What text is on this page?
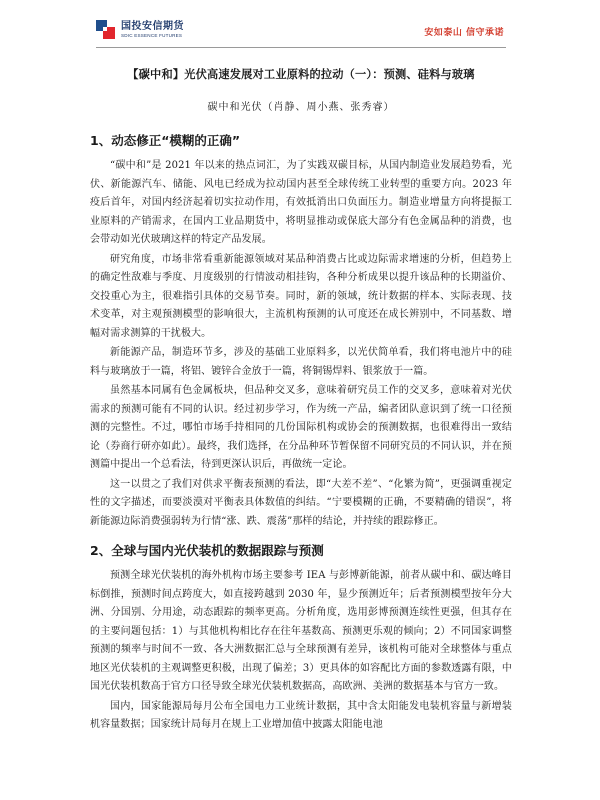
国投安信期货
SDIC ESSENCE FUTURES	安如泰山 信守承诺
【碳中和】光伏高速发展对工业原料的拉动（一）：预测、硅料与玻璃
碳中和光伏（肖静、周小燕、张秀睿）
1、动态修正“模糊的正确”

“碳中和”是 2021 年以来的热点词汇，为了实践双碳目标，从国内制造业发展趋势看，光伏、新能源汽车、储能、风电已经成为拉动国内甚至全球传统工业转型的重要方向。2023 年疫后首年，对国内经济起着切实拉动作用，有效抵消出口负面压力。制造业增量方向将提振工业原料的产销需求，在国内工业品期货中，将明显推动或保底大部分有色金属品种的消费，也会带动如光伏玻璃这样的特定产品发展。

研究角度，市场非常看重新能源领域对某品种消费占比或边际需求增速的分析，但趋势上的确定性敌难与季度、月度级别的行情波动相挂钩，各种分析成果以提升该品种的长期溢价、交投重心为主，很难指引具体的交易节奏。同时，新的领域，统计数据的样本、实际表现、技术变革，对主观预测模型的影响很大，主流机构预测的认可度还在成长辨别中，不同基数、增幅对需求测算的干扰极大。

新能源产品，制造环节多，涉及的基础工业原料多，以光伏简单看，我们将电池片中的硅料与玻璃放于一篇，将铝、镀锌合金放于一篇，将铜锡焊料、银浆放于一篇。

虽然基本同属有色金属板块，但品种交叉多，意味着研究员工作的交叉多，意味着对光伏需求的预测可能有不同的认识。经过初步学习，作为统一产品，编者团队意识到了统一口径预测的完整性。不过，哪怕市场手持相同的几份国际机构或协会的预测数据，也很难得出一致结论（券商行研亦如此）。最终，我们选择，在分品种环节暂保留不同研究员的不同认识，并在预测篇中提出一个总看法，待到更深认识后，再做统一定论。

这一以贯之了我们对供求平衡表预测的看法，即“大差不差”、“化繁为简”，更强调重视定性的文字描述，而要淡漠对平衡表具体数值的纠结。“宁要模糊的正确，不要精确的错误”，将新能源边际消费强弱转为行情“涨、跌、震荡”那样的结论，并持续的跟踪修正。

2、全球与国内光伏装机的数据跟踪与预测

预测全球光伏装机的海外机构市场主要参考 IEA 与彭博新能源，前者从碳中和、碳达峰目标倒推，预测时间点跨度大，如直接跨越到 2030 年，显少预测近年；后者预测模型按年分大洲、分国别、分用途，动态跟踪的频率更高。分析角度，选用彭博预测连续性更强，但其存在的主要问题包括：1）与其他机构相比存在往年基数高、预测更乐观的倾向；2）不同国家调整预测的频率与时间不一致、各大洲数据汇总与全球预测有差异，该机构可能对全球整体与重点地区光伏装机的主观调整更积极，出现了偏差；3）更具体的如容配比方面的参数透露有限，中国光伏装机数高于官方口径导致全球光伏装机数据高，高欧洲、美洲的数据基本与官方一致。

国内，国家能源局每月公布全国电力工业统计数据，其中含太阳能发电装机容量与新增装机容量数据；国家统计局每月在规上工业增加值中披露太阳能电池
